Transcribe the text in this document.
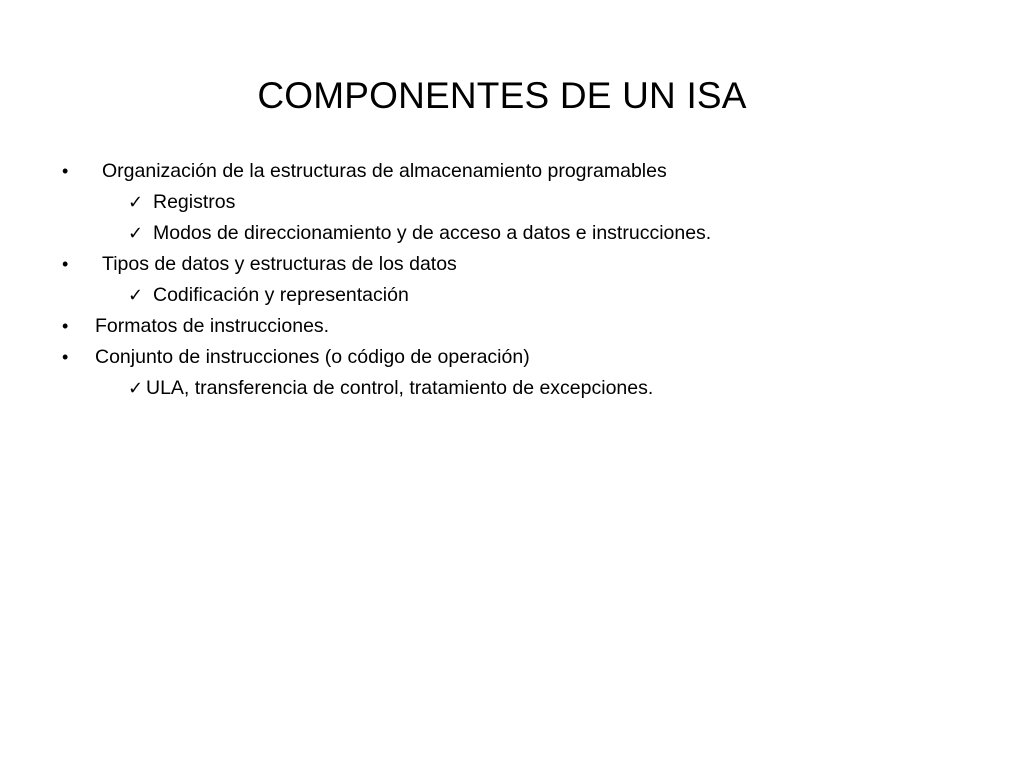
COMPONENTES DE UN ISA
• Organización de la estructuras de almacenamiento programables
✓ Registros
✓ Modos de direccionamiento y de acceso a datos e instrucciones.
• Tipos de datos y estructuras de los datos
✓ Codificación y representación
• Formatos de instrucciones.
• Conjunto de instrucciones (o código de operación)
✓ ULA, transferencia de control, tratamiento de excepciones.
